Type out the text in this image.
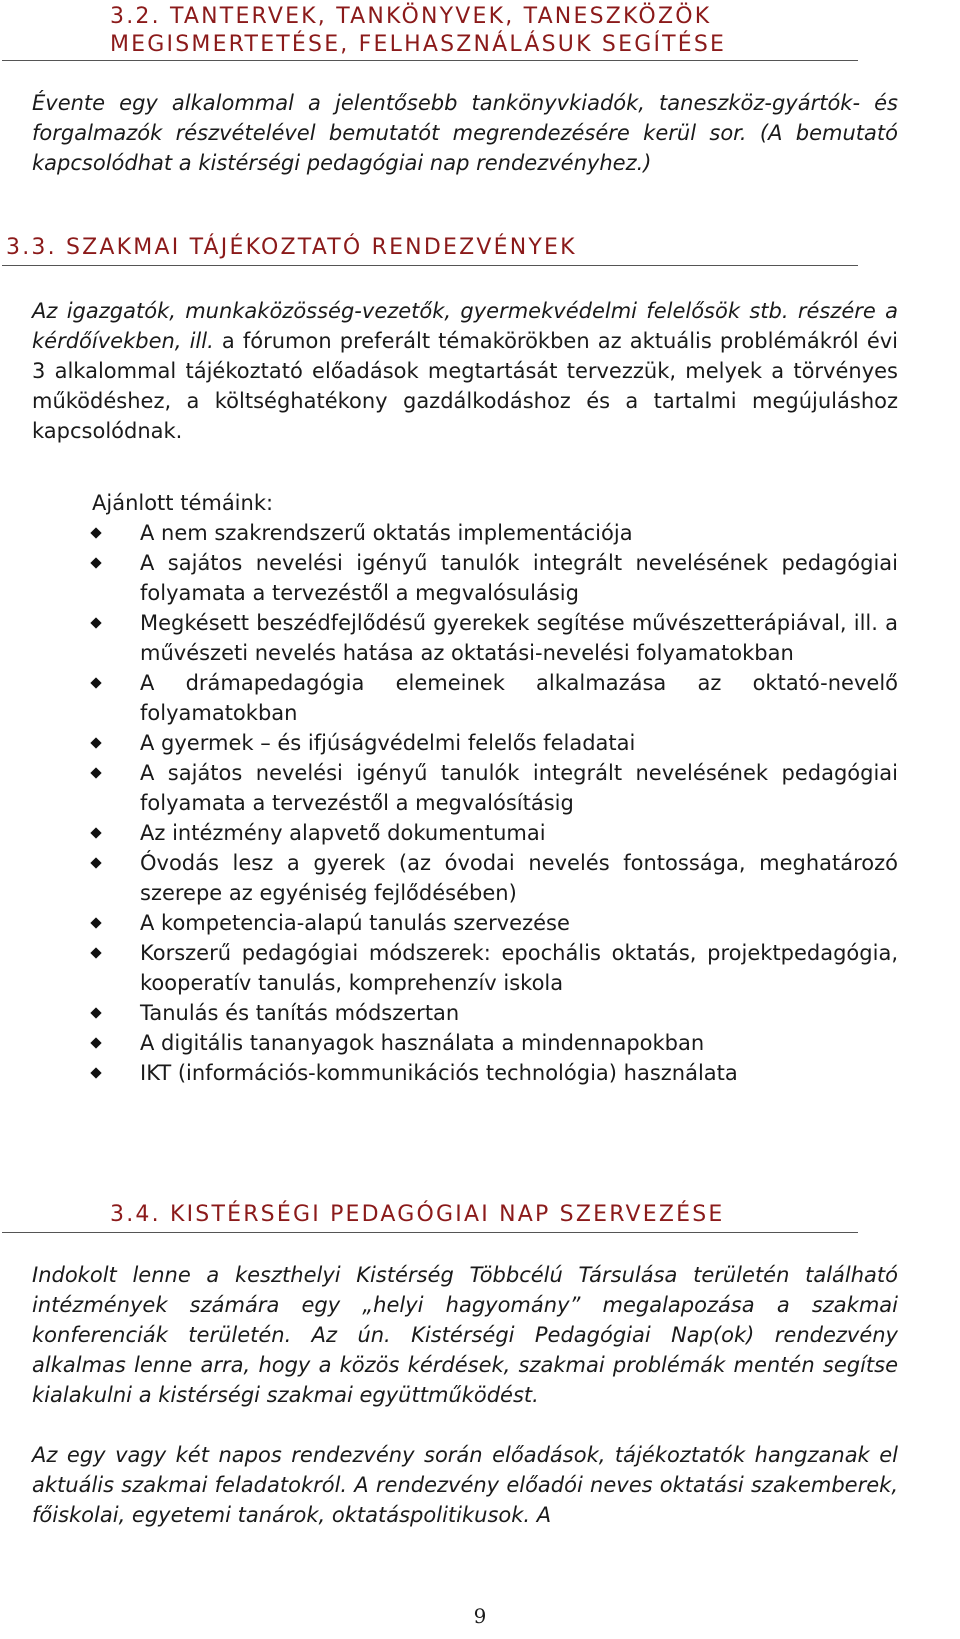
3.2. TANTERVEK, TANKÖNYVEK, TANESZKÖZÖK
MEGISMERTETÉSE, FELHASZNÁLÁSUK SEGÍTÉSE

Évente egy alkalommal a jelentősebb tankönyvkiadók, taneszköz-gyártók- és forgalmazók részvételével bemutatót megrendezésére kerül sor. (A bemutató kapcsolódhat a kistérségi pedagógiai nap rendezvényhez.)

3.3. SZAKMAI TÁJÉKOZTATÓ RENDEZVÉNYEK

Az igazgatók, munkaközösség-vezetők, gyermekvédelmi felelősök stb. részére a kérdőívekben, ill. a fórumon preferált témakörökben az aktuális problémákról évi 3 alkalommal tájékoztató előadások megtartását tervezzük, melyek a törvényes működéshez, a költséghatékony gazdálkodáshoz és a tartalmi megújuláshoz kapcsolódnak.

Ajánlott témáink:
A nem szakrendszerű oktatás implementációja
A sajátos nevelési igényű tanulók integrált nevelésének pedagógiai folyamata a tervezéstől a megvalósulásig
Megkésett beszédfejlődésű gyerekek segítése művészetterápiával, ill. a művészeti nevelés hatása az oktatási-nevelési folyamatokban
A drámapedagógia elemeinek alkalmazása az oktató-nevelő folyamatokban
A gyermek – és ifjúságvédelmi felelős feladatai
A sajátos nevelési igényű tanulók integrált nevelésének pedagógiai folyamata a tervezéstől a megvalósításig
Az intézmény alapvető dokumentumai
Óvodás lesz a gyerek (az óvodai nevelés fontossága, meghatározó szerepe az egyéniség fejlődésében)
A kompetencia-alapú tanulás szervezése
Korszerű pedagógiai módszerek: epochális oktatás, projektpedagógia, kooperatív tanulás, komprehenzív iskola
Tanulás és tanítás módszertan
A digitális tananyagok használata a mindennapokban
IKT (információs-kommunikációs technológia) használata
3.4. KISTÉRSÉGI PEDAGÓGIAI NAP SZERVEZÉSE

Indokolt lenne a keszthelyi Kistérség Többcélú Társulása területén található intézmények számára egy „helyi hagyomány” megalapozása a szakmai konferenciák területén. Az ún. Kistérségi Pedagógiai Nap(ok) rendezvény alkalmas lenne arra, hogy a közös kérdések, szakmai problémák mentén segítse kialakulni a kistérségi szakmai együttműködést.

Az egy vagy két napos rendezvény során előadások, tájékoztatók hangzanak el aktuális szakmai feladatokról. A rendezvény előadói neves oktatási szakemberek, főiskolai, egyetemi tanárok, oktatáspolitikusok. A

9
